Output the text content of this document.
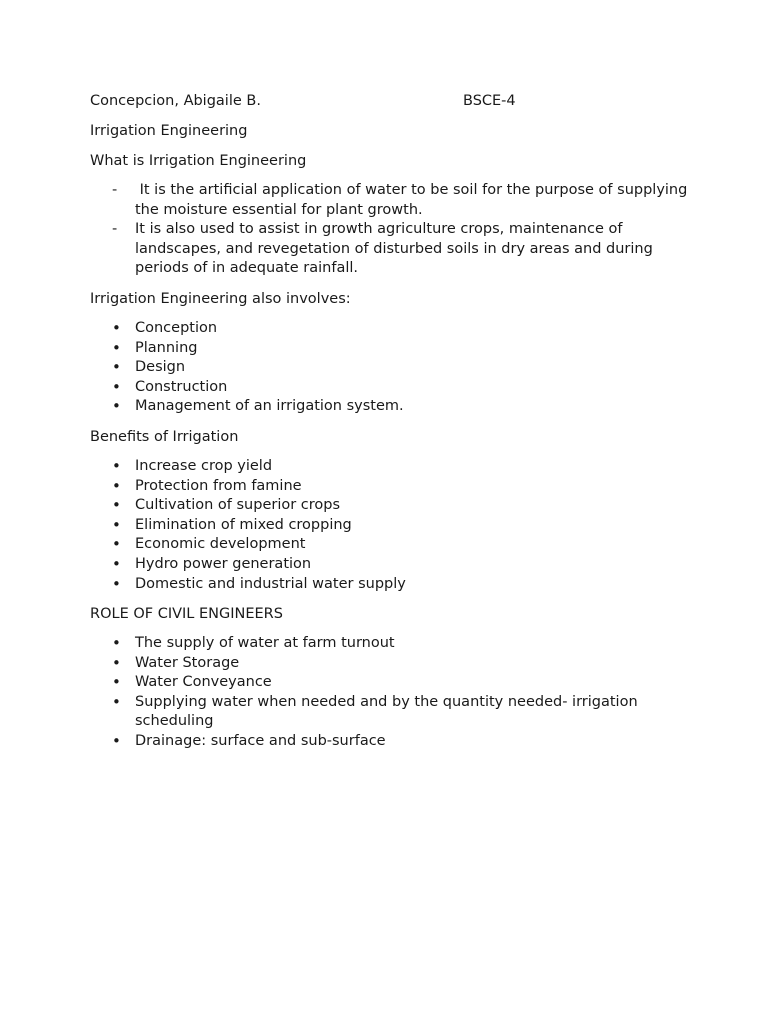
Concepcion, Abigaile B.	BSCE-4
Irrigation Engineering
What is Irrigation Engineering
- It is the artificial application of water to be soil for the purpose of supplying the moisture essential for plant growth.
- It is also used to assist in growth agriculture crops, maintenance of landscapes, and revegetation of disturbed soils in dry areas and during periods of in adequate rainfall.
Irrigation Engineering also involves:
• Conception
• Planning
• Design
• Construction
• Management of an irrigation system.
Benefits of Irrigation
• Increase crop yield
• Protection from famine
• Cultivation of superior crops
• Elimination of mixed cropping
• Economic development
• Hydro power generation
• Domestic and industrial water supply
ROLE OF CIVIL ENGINEERS
• The supply of water at farm turnout
• Water Storage
• Water Conveyance
• Supplying water when needed and by the quantity needed- irrigation scheduling
• Drainage: surface and sub-surface
